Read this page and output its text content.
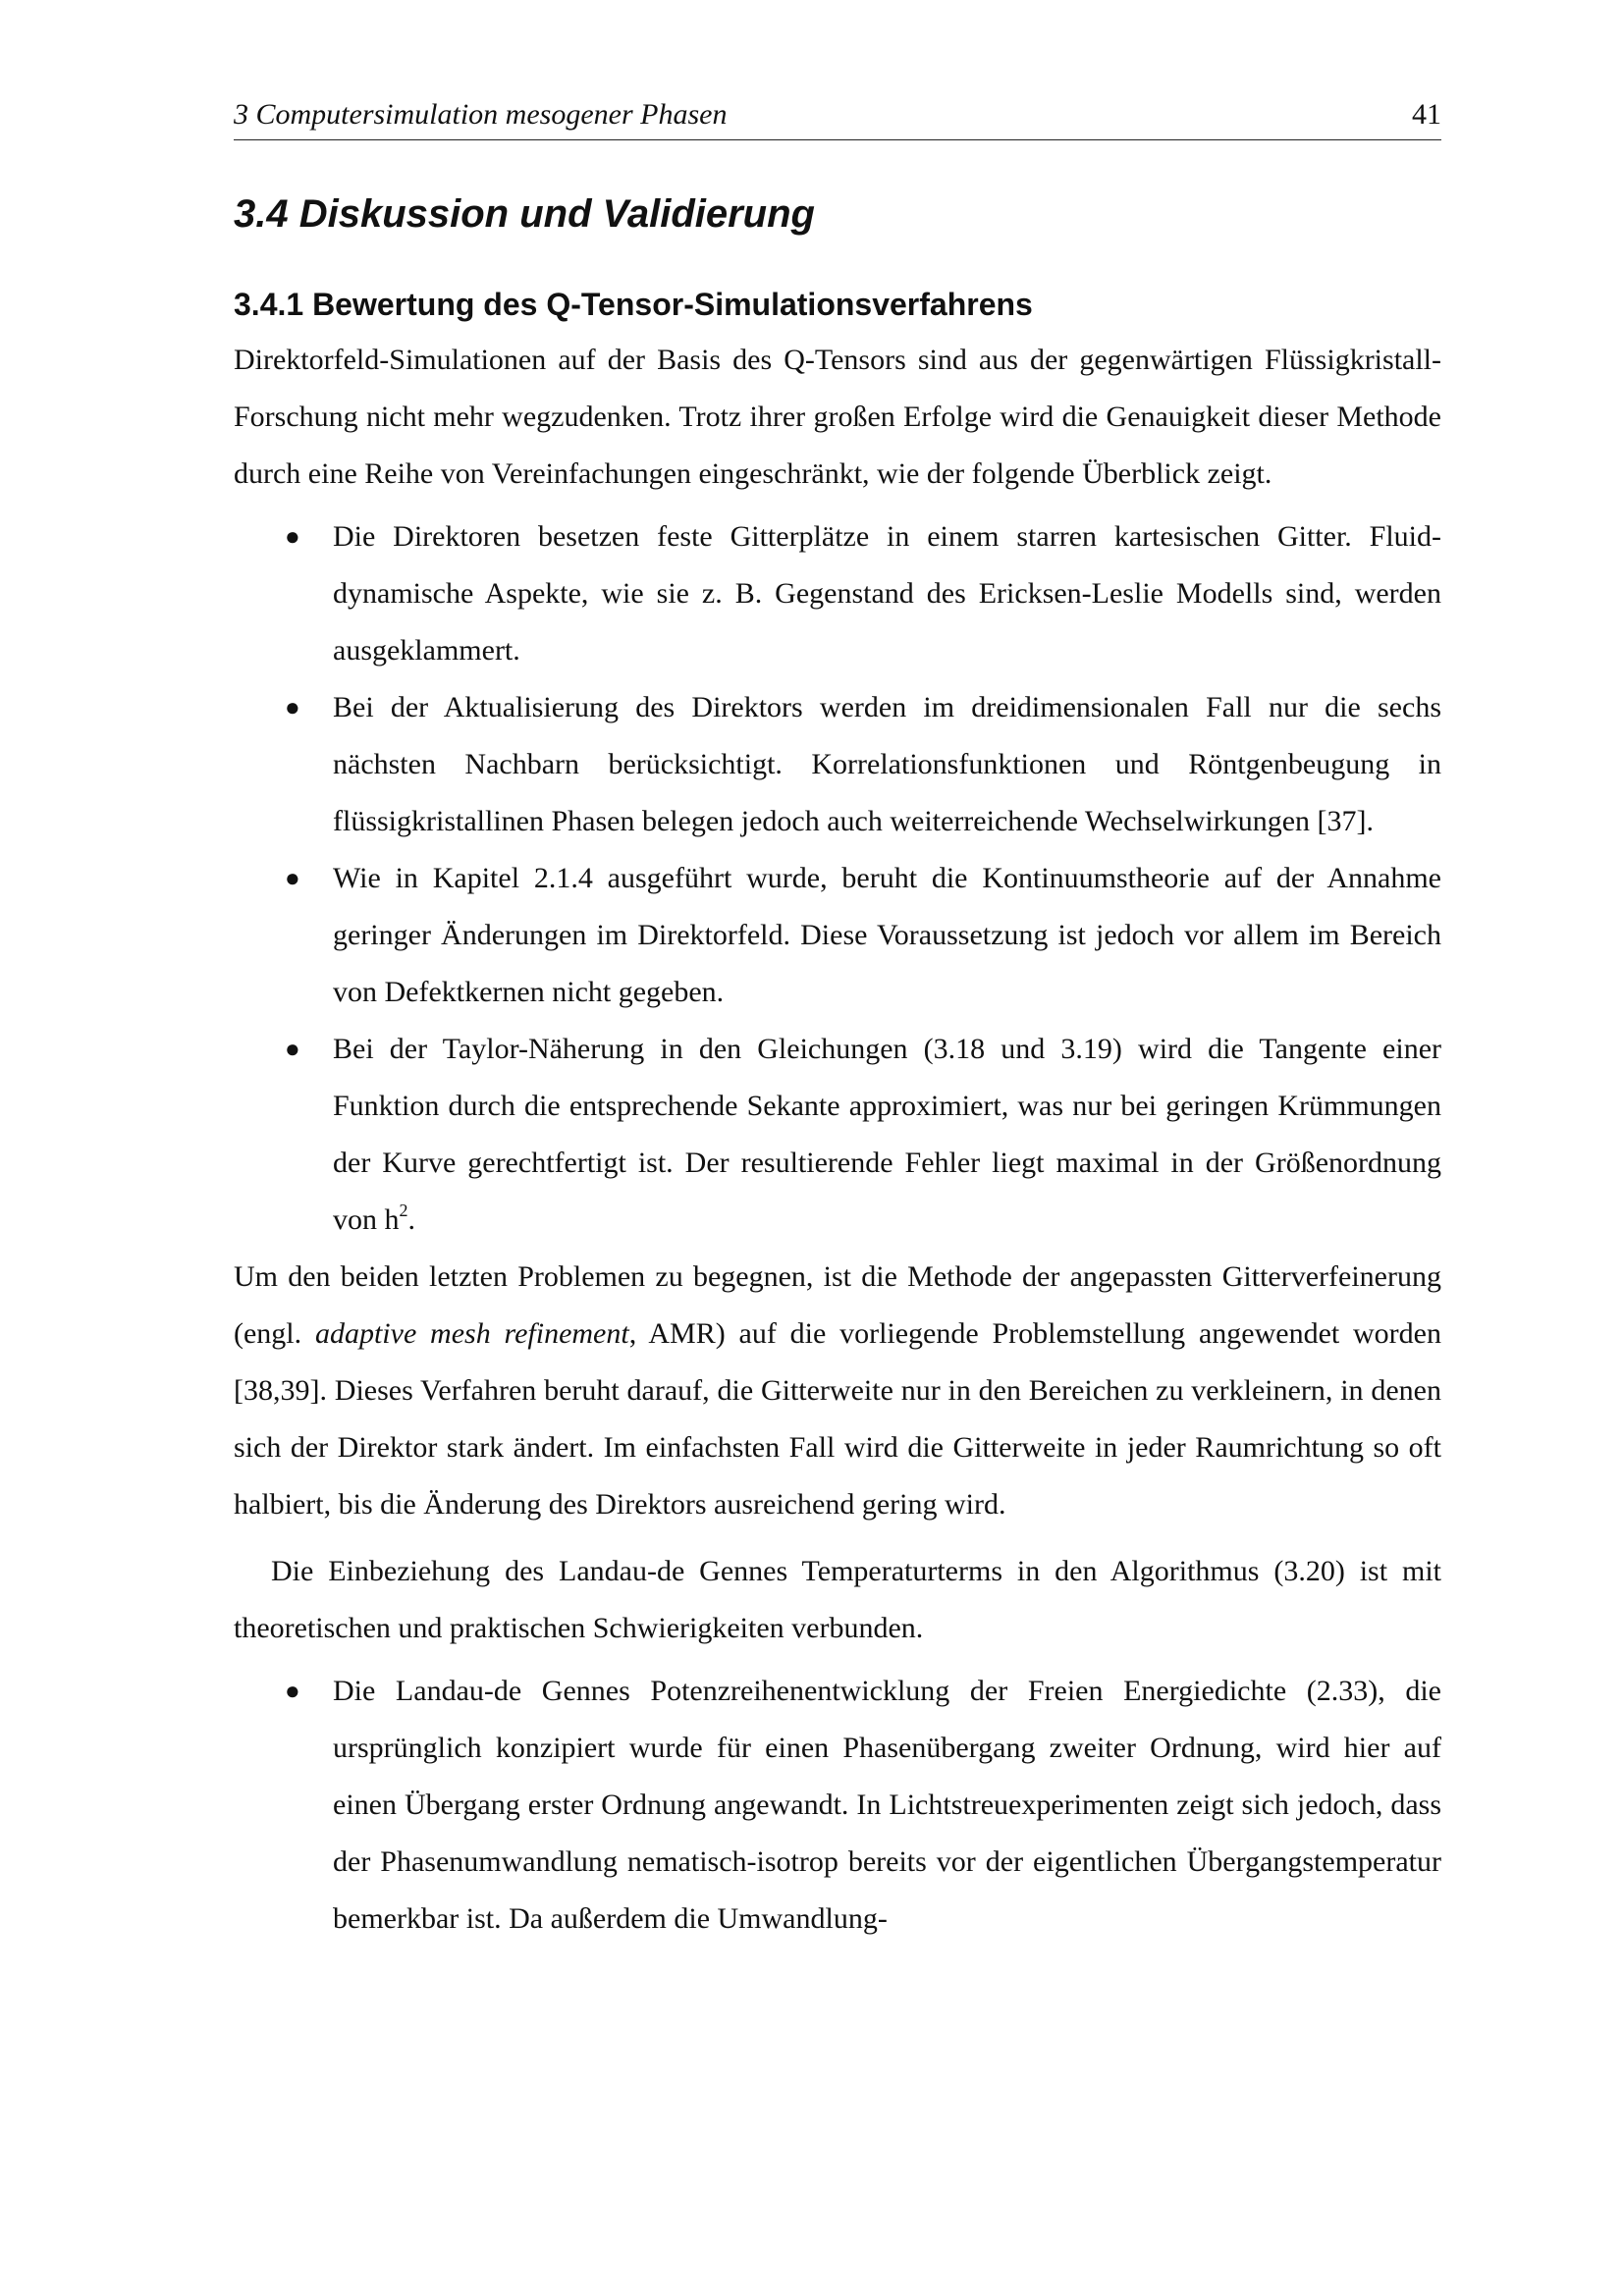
3 Computersimulation mesogener Phasen	41
3.4 Diskussion und Validierung
3.4.1 Bewertung des Q-Tensor-Simulationsverfahrens

Direktorfeld-Simulationen auf der Basis des Q-Tensors sind aus der gegenwärtigen Flüssigkristall-Forschung nicht mehr wegzudenken. Trotz ihrer großen Erfolge wird die Genauigkeit dieser Methode durch eine Reihe von Vereinfachungen eingeschränkt, wie der folgende Überblick zeigt.

● Die Direktoren besetzen feste Gitterplätze in einem starren kartesischen Gitter. Fluid-dynamische Aspekte, wie sie z. B. Gegenstand des Ericksen-Leslie Modells sind, werden ausgeklammert.
● Bei der Aktualisierung des Direktors werden im dreidimensionalen Fall nur die sechs nächsten Nachbarn berücksichtigt. Korrelationsfunktionen und Röntgenbeugung in flüssigkristallinen Phasen belegen jedoch auch weiterreichende Wechselwirkungen [37].
● Wie in Kapitel 2.1.4 ausgeführt wurde, beruht die Kontinuumstheorie auf der Annahme geringer Änderungen im Direktorfeld. Diese Voraussetzung ist jedoch vor allem im Bereich von Defektkernen nicht gegeben.
● Bei der Taylor-Näherung in den Gleichungen (3.18 und 3.19) wird die Tangente einer Funktion durch die entsprechende Sekante approximiert, was nur bei geringen Krümmungen der Kurve gerechtfertigt ist. Der resultierende Fehler liegt maximal in der Größenordnung von $h^2$.

Um den beiden letzten Problemen zu begegnen, ist die Methode der angepassten Gitterverfeinerung (engl. adaptive mesh refinement, AMR) auf die vorliegende Problemstellung angewendet worden [38,39]. Dieses Verfahren beruht darauf, die Gitterweite nur in den Bereichen zu verkleinern, in denen sich der Direktor stark ändert. Im einfachsten Fall wird die Gitterweite in jeder Raumrichtung so oft halbiert, bis die Änderung des Direktors ausreichend gering wird.

Die Einbeziehung des Landau-de Gennes Temperaturterms in den Algorithmus (3.20) ist mit theoretischen und praktischen Schwierigkeiten verbunden.

● Die Landau-de Gennes Potenzreihenentwicklung der Freien Energiedichte (2.33), die ursprünglich konzipiert wurde für einen Phasenübergang zweiter Ordnung, wird hier auf einen Übergang erster Ordnung angewandt. In Lichtstreuexperimenten zeigt sich jedoch, dass der Phasenumwandlung nematisch-isotrop bereits vor der eigentlichen Übergangstemperatur bemerkbar ist. Da außerdem die Umwandlung-
